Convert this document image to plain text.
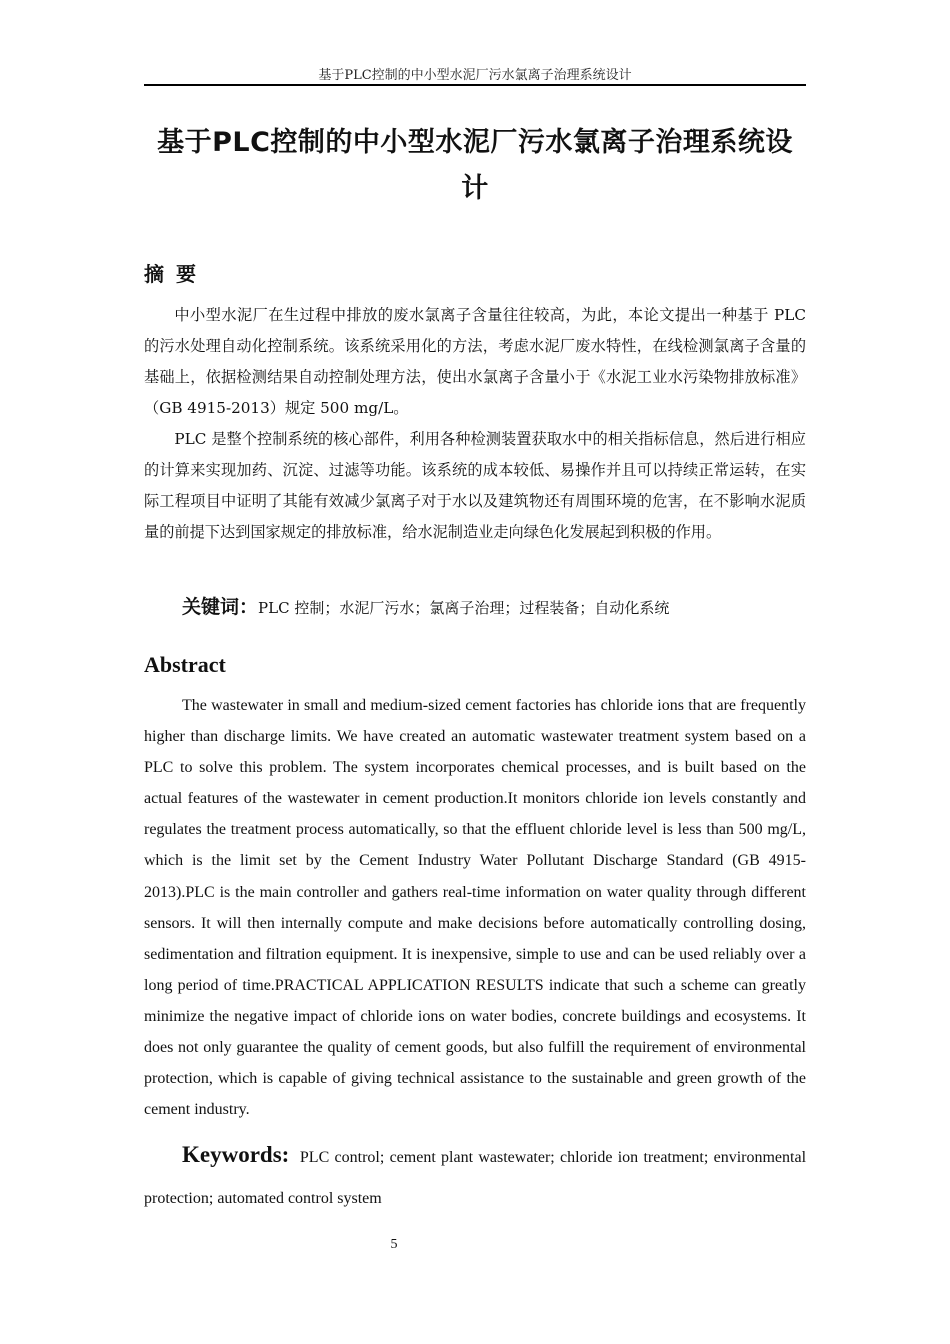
基于PLC控制的中小型水泥厂污水氯离子治理系统设计
基于PLC控制的中小型水泥厂污水氯离子治理系统设计
摘要

中小型水泥厂在生过程中排放的废水氯离子含量往往较高，为此，本论文提出一种基于 PLC 的污水处理自动化控制系统。该系统采用化的方法，考虑水泥厂废水特性，在线检测氯离子含量的基础上，依据检测结果自动控制处理方法，使出水氯离子含量小于《水泥工业水污染物排放标准》（GB 4915-2013）规定 500 mg/L。

PLC 是整个控制系统的核心部件，利用各种检测装置获取水中的相关指标信息，然后进行相应的计算来实现加药、沉淀、过滤等功能。该系统的成本较低、易操作并且可以持续正常运转，在实际工程项目中证明了其能有效减少氯离子对于水以及建筑物还有周围环境的危害，在不影响水泥质量的前提下达到国家规定的排放标准，给水泥制造业走向绿色化发展起到积极的作用。

关键词：PLC 控制；水泥厂污水；氯离子治理；过程装备；自动化系统
Abstract

The wastewater in small and medium-sized cement factories has chloride ions that are frequently higher than discharge limits. We have created an automatic wastewater treatment system based on a PLC to solve this problem. The system incorporates chemical processes, and is built based on the actual features of the wastewater in cement production.It monitors chloride ion levels constantly and regulates the treatment process automatically, so that the effluent chloride level is less than 500 mg/L, which is the limit set by the Cement Industry Water Pollutant Discharge Standard (GB 4915-2013).PLC is the main controller and gathers real-time information on water quality through different sensors. It will then internally compute and make decisions before automatically controlling dosing, sedimentation and filtration equipment. It is inexpensive, simple to use and can be used reliably over a long period of time.PRACTICAL APPLICATION RESULTS indicate that such a scheme can greatly minimize the negative impact of chloride ions on water bodies, concrete buildings and ecosystems. It does not only guarantee the quality of cement goods, but also fulfill the requirement of environmental protection, which is capable of giving technical assistance to the sustainable and green growth of the cement industry.

Keywords: PLC control; cement plant wastewater; chloride ion treatment; environmental protection; automated control system
5
